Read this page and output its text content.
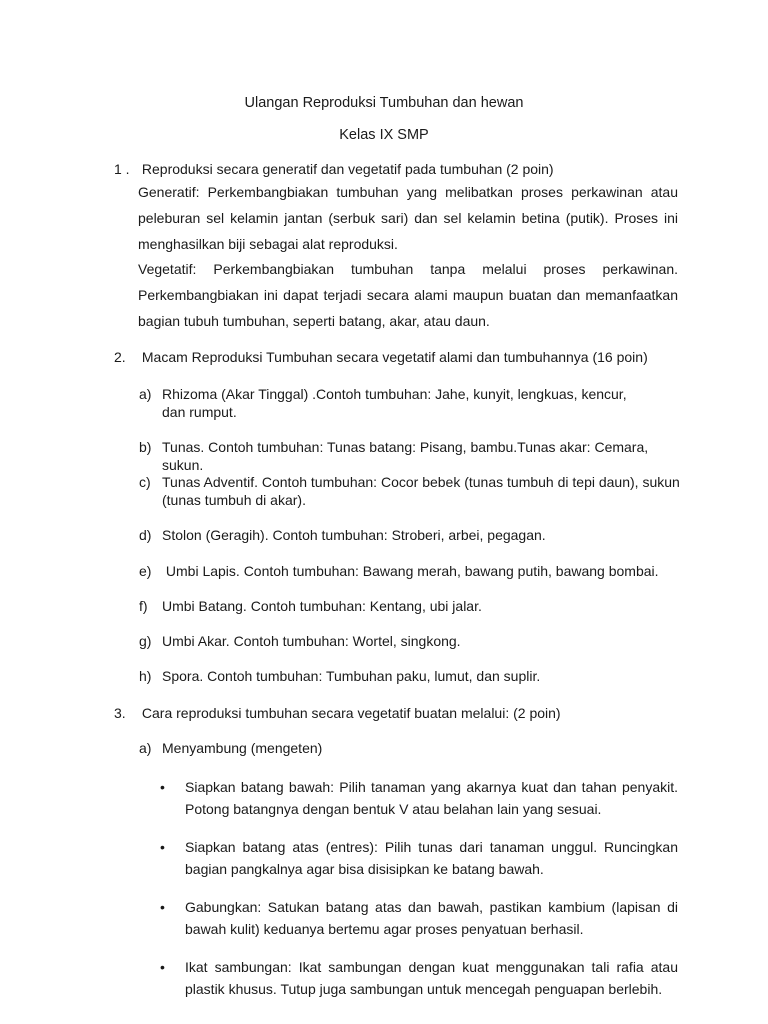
Ulangan Reproduksi Tumbuhan dan hewan
Kelas IX SMP
1 . Reproduksi secara generatif dan vegetatif pada tumbuhan (2 poin)
Generatif: Perkembangbiakan tumbuhan yang melibatkan proses perkawinan atau peleburan sel kelamin jantan (serbuk sari) dan sel kelamin betina (putik). Proses ini menghasilkan biji sebagai alat reproduksi.
Vegetatif: Perkembangbiakan tumbuhan tanpa melalui proses perkawinan. Perkembangbiakan ini dapat terjadi secara alami maupun buatan dan memanfaatkan bagian tubuh tumbuhan, seperti batang, akar, atau daun.
2. Macam Reproduksi Tumbuhan secara vegetatif alami dan tumbuhannya (16 poin)
a) Rhizoma (Akar Tinggal) .Contoh tumbuhan: Jahe, kunyit, lengkuas, kencur, dan rumput.
b) Tunas. Contoh tumbuhan: Tunas batang: Pisang, bambu.Tunas akar: Cemara, sukun.
c) Tunas Adventif. Contoh tumbuhan: Cocor bebek (tunas tumbuh di tepi daun), sukun (tunas tumbuh di akar).
d) Stolon (Geragih). Contoh tumbuhan: Stroberi, arbei, pegagan.
e) Umbi Lapis. Contoh tumbuhan: Bawang merah, bawang putih, bawang bombai.
f) Umbi Batang. Contoh tumbuhan: Kentang, ubi jalar.
g) Umbi Akar. Contoh tumbuhan: Wortel, singkong.
h) Spora. Contoh tumbuhan: Tumbuhan paku, lumut, dan suplir.
3. Cara reproduksi tumbuhan secara vegetatif buatan melalui: (2 poin)
a) Menyambung (mengeten)
• Siapkan batang bawah: Pilih tanaman yang akarnya kuat dan tahan penyakit. Potong batangnya dengan bentuk V atau belahan lain yang sesuai.
• Siapkan batang atas (entres): Pilih tunas dari tanaman unggul. Runcingkan bagian pangkalnya agar bisa disisipkan ke batang bawah.
• Gabungkan: Satukan batang atas dan bawah, pastikan kambium (lapisan di bawah kulit) keduanya bertemu agar proses penyatuan berhasil.
• Ikat sambungan: Ikat sambungan dengan kuat menggunakan tali rafia atau plastik khusus. Tutup juga sambungan untuk mencegah penguapan berlebih.
